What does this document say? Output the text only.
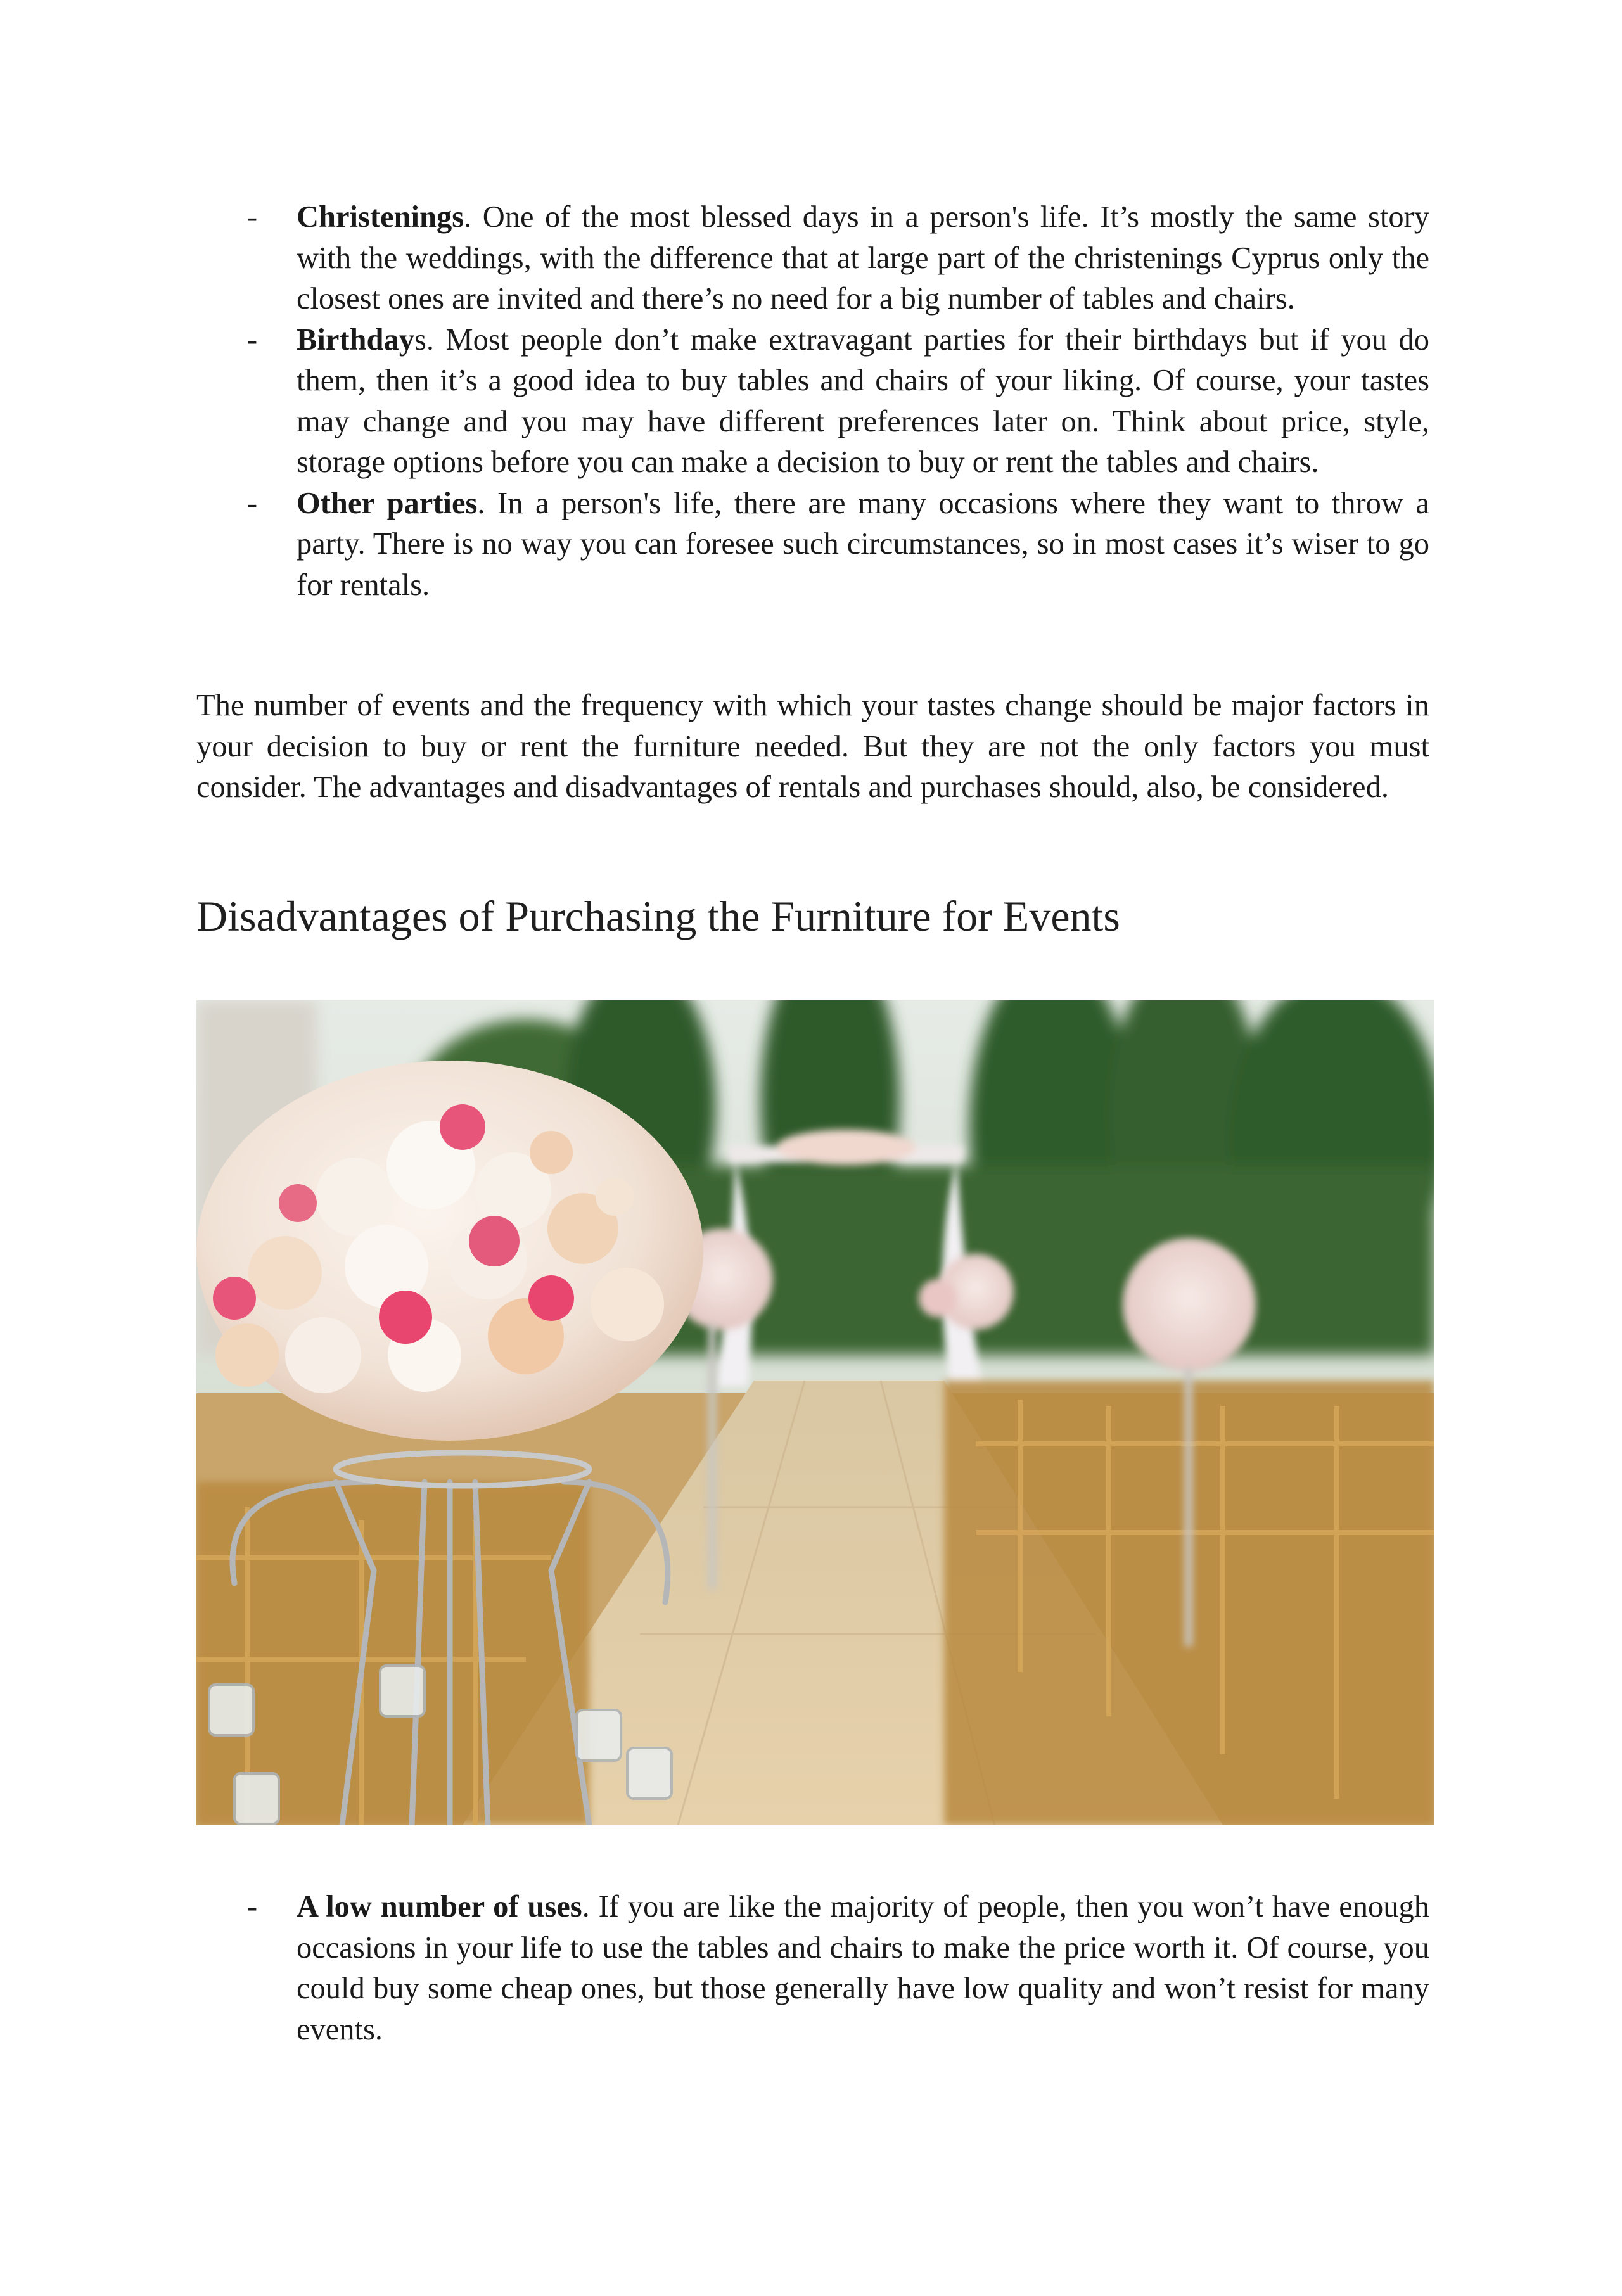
- Christenings. One of the most blessed days in a person's life. It’s mostly the same story with the weddings, with the difference that at large part of the christenings Cyprus only the closest ones are invited and there’s no need for a big number of tables and chairs.
- Birthdays. Most people don’t make extravagant parties for their birthdays but if you do them, then it’s a good idea to buy tables and chairs of your liking. Of course, your tastes may change and you may have different preferences later on. Think about price, style, storage options before you can make a decision to buy or rent the tables and chairs.
- Other parties. In a person's life, there are many occasions where they want to throw a party. There is no way you can foresee such circumstances, so in most cases it’s wiser to go for rentals.

The number of events and the frequency with which your tastes change should be major factors in your decision to buy or rent the furniture needed. But they are not the only factors you must consider. The advantages and disadvantages of rentals and purchases should, also, be considered.

Disadvantages of Purchasing the Furniture for Events
- A low number of uses. If you are like the majority of people, then you won’t have enough occasions in your life to use the tables and chairs to make the price worth it. Of course, you could buy some cheap ones, but those generally have low quality and won’t resist for many events.
